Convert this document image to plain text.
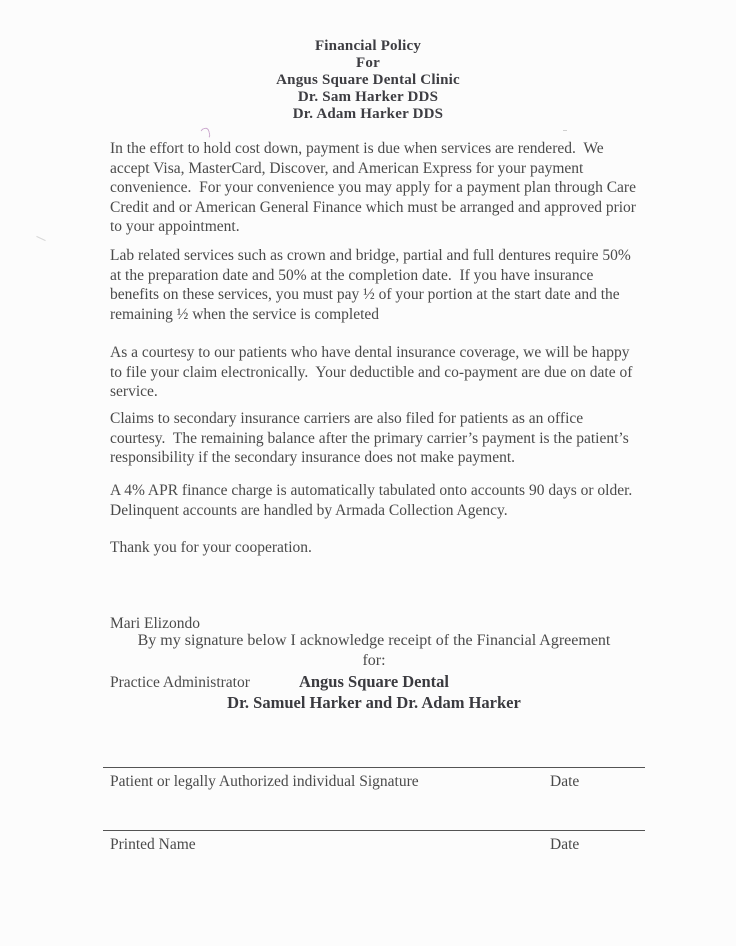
Financial Policy
For
Angus Square Dental Clinic
Dr. Sam Harker DDS
Dr. Adam Harker DDS

In the effort to hold cost down, payment is due when services are rendered.  We accept Visa, MasterCard, Discover, and American Express for your payment convenience.  For your convenience you may apply for a payment plan through Care Credit and or American General Finance which must be arranged and approved prior to your appointment.

Lab related services such as crown and bridge, partial and full dentures require 50% at the preparation date and 50% at the completion date.  If you have insurance benefits on these services, you must pay ½ of your portion at the start date and the remaining ½ when the service is completed

As a courtesy to our patients who have dental insurance coverage, we will be happy to file your claim electronically.  Your deductible and co-payment are due on date of service.

Claims to secondary insurance carriers are also filed for patients as an office courtesy.  The remaining balance after the primary carrier’s payment is the patient’s responsibility if the secondary insurance does not make payment.

A 4% APR finance charge is automatically tabulated onto accounts 90 days or older.  Delinquent accounts are handled by Armada Collection Agency.

Thank you for your cooperation.

Mari Elizondo

Practice Administrator

By my signature below I acknowledge receipt of the Financial Agreement
for:
Angus Square Dental
Dr. Samuel Harker and Dr. Adam Harker
Patient or legally Authorized individual Signature	Date
Printed Name	Date
